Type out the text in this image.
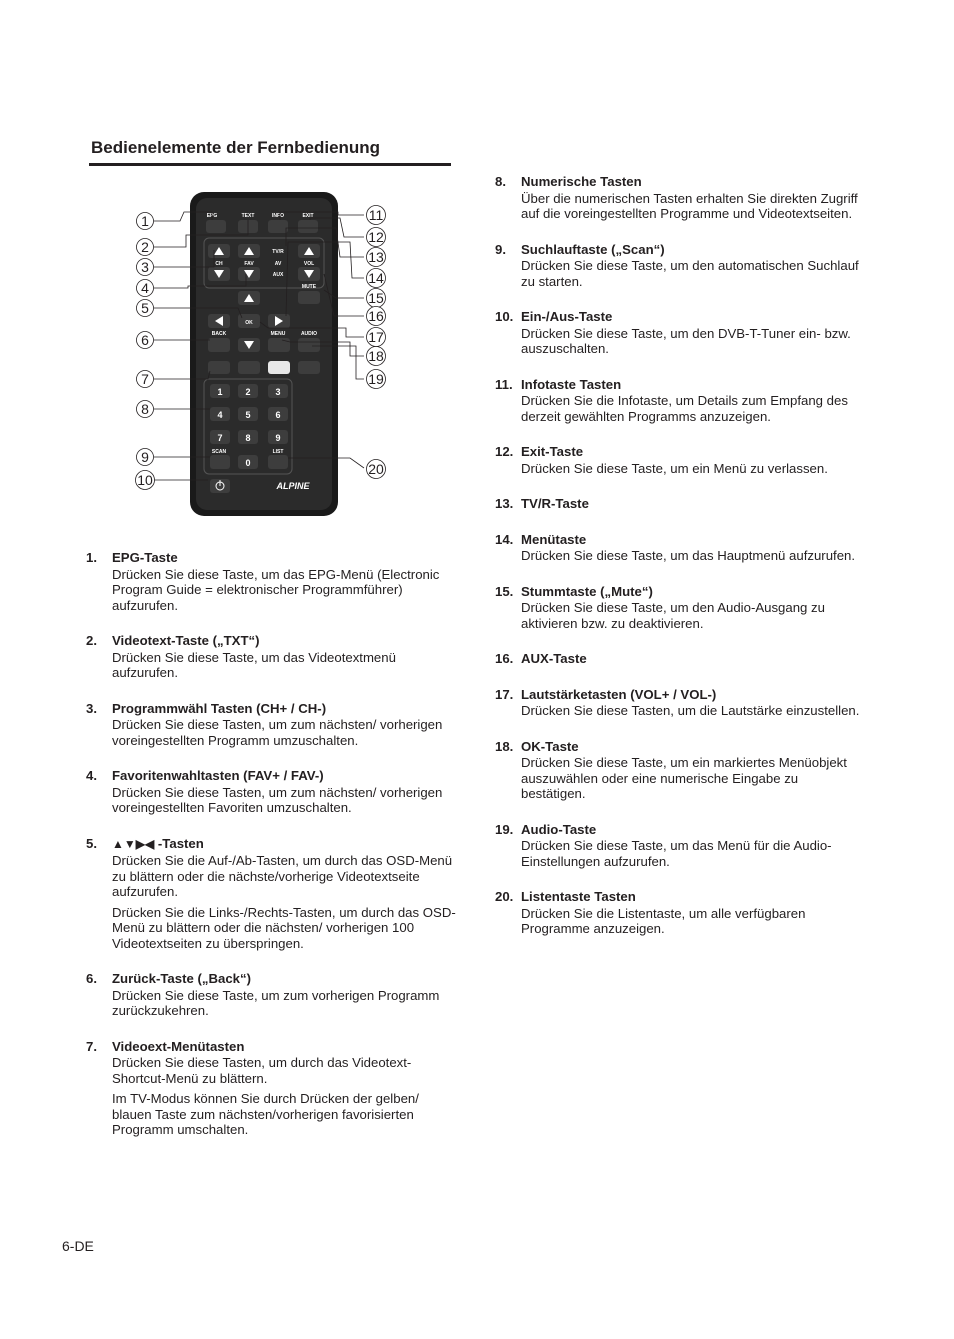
Bedienelemente der Fernbedienung
EPG	TEXT	INFO	EXIT
TV/R
CH	FAV	AV	VOL
AUX
MUTE
OK
BACK	MENU	AUDIO
1	2	3
4	5	6
7	8	9
SCAN	LIST
0
ALPINE
1
2
3
4
5
6
7
8
9
10
11
12
13
14
15
16
17
18
19
20
1. EPG-Taste
Drücken Sie diese Taste, um das EPG-Menü (Electronic Program Guide = elektronischer Programmführer) aufzurufen.
2. Videotext-Taste („TXT“)
Drücken Sie diese Taste, um das Videotextmenü aufzurufen.
3. Programmwähl Tasten (CH+ / CH-)
Drücken Sie diese Tasten, um zum nächsten/ vorherigen voreingestellten Programm umzuschalten.
4. Favoritenwahltasten (FAV+ / FAV-)
Drücken Sie diese Tasten, um zum nächsten/ vorherigen voreingestellten Favoriten umzuschalten.
5. ▲▼▶◀ -Tasten
Drücken Sie die Auf-/Ab-Tasten, um durch das OSD-Menü zu blättern oder die nächste/vorherige Videotextseite aufzurufen.
Drücken Sie die Links-/Rechts-Tasten, um durch das OSD-Menü zu blättern oder die nächsten/ vorherigen 100 Videotextseiten zu überspringen.
6. Zurück-Taste („Back“)
Drücken Sie diese Taste, um zum vorherigen Programm zurückzukehren.
7. Videoext-Menütasten
Drücken Sie diese Tasten, um durch das Videotext-Shortcut-Menü zu blättern.
Im TV-Modus können Sie durch Drücken der gelben/ blauen Taste zum nächsten/vorherigen favorisierten Programm umschalten.
8. Numerische Tasten
Über die numerischen Tasten erhalten Sie direkten Zugriff auf die voreingestellten Programme und Videotextseiten.
9. Suchlauftaste („Scan“)
Drücken Sie diese Taste, um den automatischen Suchlauf zu starten.
10. Ein-/Aus-Taste
Drücken Sie diese Taste, um den DVB-T-Tuner ein- bzw. auszuschalten.
11. Infotaste Tasten
Drücken Sie die Infotaste, um Details zum Empfang des derzeit gewählten Programms anzuzeigen.
12. Exit-Taste
Drücken Sie diese Taste, um ein Menü zu verlassen.
13. TV/R-Taste
14. Menütaste
Drücken Sie diese Taste, um das Hauptmenü aufzurufen.
15. Stummtaste („Mute“)
Drücken Sie diese Taste, um den Audio-Ausgang zu aktivieren bzw. zu deaktivieren.
16. AUX-Taste
17. Lautstärketasten (VOL+ / VOL-)
Drücken Sie diese Tasten, um die Lautstärke einzustellen.
18. OK-Taste
Drücken Sie diese Taste, um ein markiertes Menüobjekt auszuwählen oder eine numerische Eingabe zu bestätigen.
19. Audio-Taste
Drücken Sie diese Taste, um das Menü für die Audio-Einstellungen aufzurufen.
20. Listentaste Tasten
Drücken Sie die Listentaste, um alle verfügbaren Programme anzuzeigen.
6-DE
